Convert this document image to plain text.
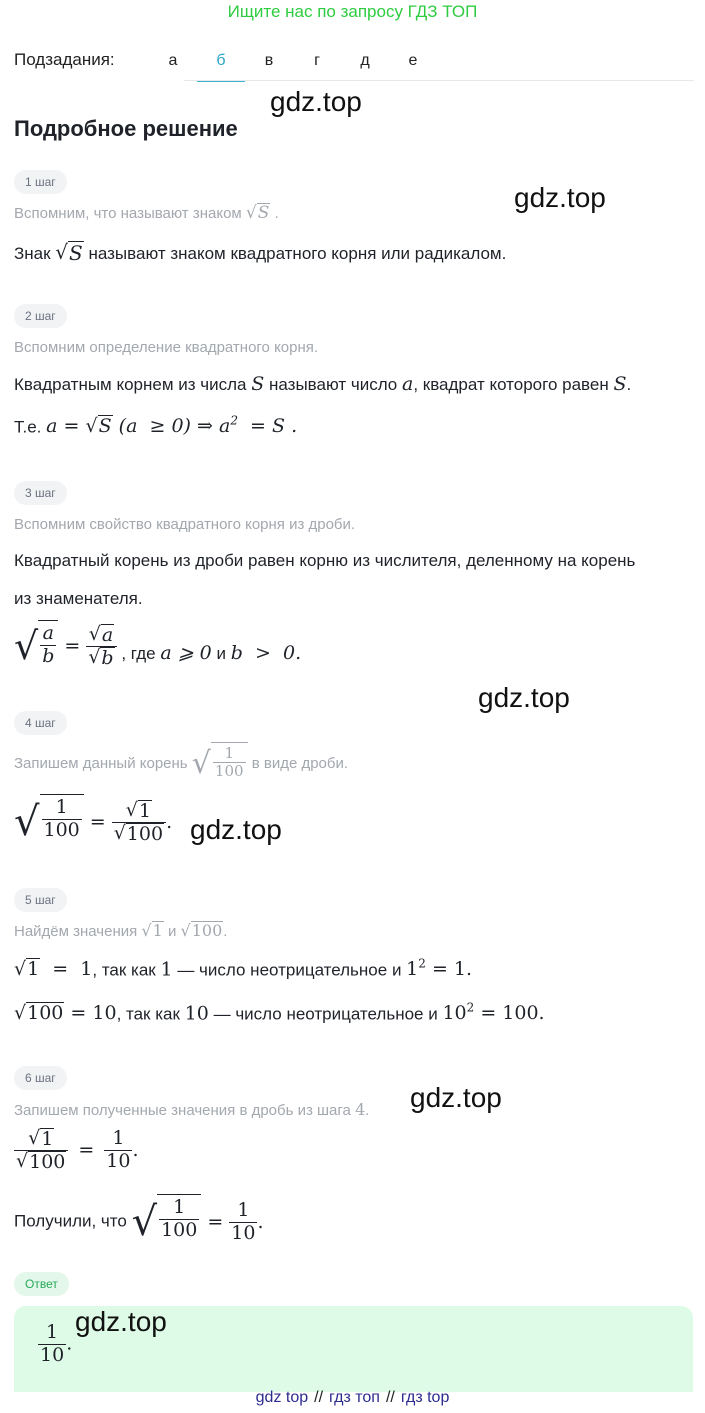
Ищите нас по запросу ГДЗ ТОП
Подзадания:	а	б	в	г	д	е
gdz.top
gdz.top
gdz.top
gdz.top
gdz.top
gdz.top
Подробное решение
1 шаг
Вспомним, что называют знаком √ S .
Знак √ S называют знаком квадратного корня или радикалом.
2 шаг
Вспомним определение квадратного корня.
Квадратным корнем из числа S называют число a, квадрат которого равен S.
Т.е. a = √ S (a  ≥ 0) ⇒ $a^2 = S$ .
3 шаг
Вспомним свойство квадратного корня из дроби.
Квадратный корень из дроби равен корню из числителя, деленному на корень
из знаменателя.
√ $\frac{a}{b} = \frac{√ a}{√ b}$ , где a ⩾ 0 и b  >  0.
4 шаг
Запишем данный корень √ $\frac{1}{100}$ в виде дроби.
√ $\frac{1}{100} = \frac{√ 1}{√ 100}$ .
5 шаг
Найдём значения √ 1 и √ 100 .
√ 1 =  1, так как 1 — число неотрицательное и $1^2 = 1$.
√ 100 = 10, так как 10 — число неотрицательное и $10^2 = 100$.
6 шаг
Запишем полученные значения в дробь из шага 4.
$\frac{√ 1}{√ 100} = \frac{1}{10}$ .
Получили, что √ $\frac{1}{100} = \frac{1}{10}$ .
Ответ
$\frac{1}{10}$ .
gdz top // гдз топ // гдз top
